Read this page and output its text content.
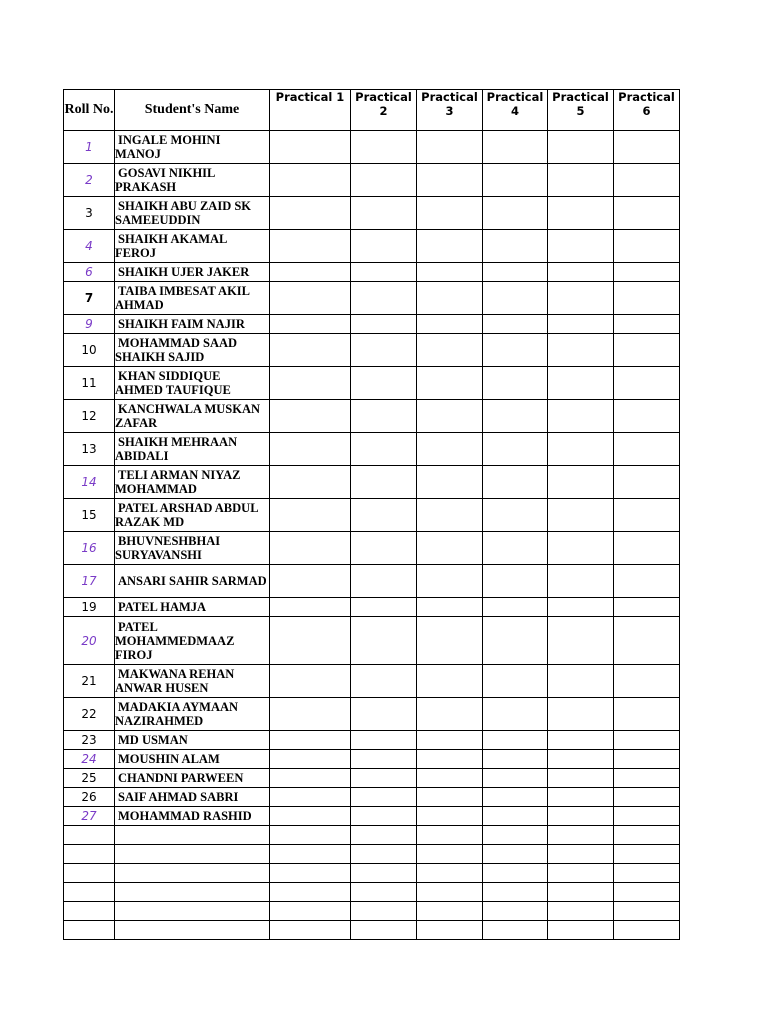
Roll No.	Student's Name	Practical 1	Practical 2	Practical 3	Practical 4	Practical 5	Practical 6
1	INGALE MOHINI MANOJ						
2	GOSAVI NIKHIL PRAKASH						
3	SHAIKH ABU ZAID SK SAMEEUDDIN						
4	SHAIKH AKAMAL FEROJ						
6	SHAIKH UJER JAKER						
7	TAIBA IMBESAT AKIL AHMAD						
9	SHAIKH FAIM NAJIR						
10	MOHAMMAD SAAD SHAIKH SAJID						
11	KHAN SIDDIQUE AHMED TAUFIQUE						
12	KANCHWALA MUSKAN ZAFAR						
13	SHAIKH MEHRAAN ABIDALI						
14	TELI ARMAN NIYAZ MOHAMMAD						
15	PATEL ARSHAD ABDUL RAZAK MD						
16	BHUVNESHBHAI SURYAVANSHI						
17	ANSARI SAHIR SARMAD						
19	PATEL HAMJA						
20	PATEL MOHAMMEDMAAZ FIROJ						
21	MAKWANA REHAN ANWAR HUSEN						
22	MADAKIA AYMAAN NAZIRAHMED						
23	MD USMAN						
24	MOUSHIN ALAM						
25	CHANDNI PARWEEN						
26	SAIF AHMAD SABRI						
27	MOHAMMAD RASHID						
